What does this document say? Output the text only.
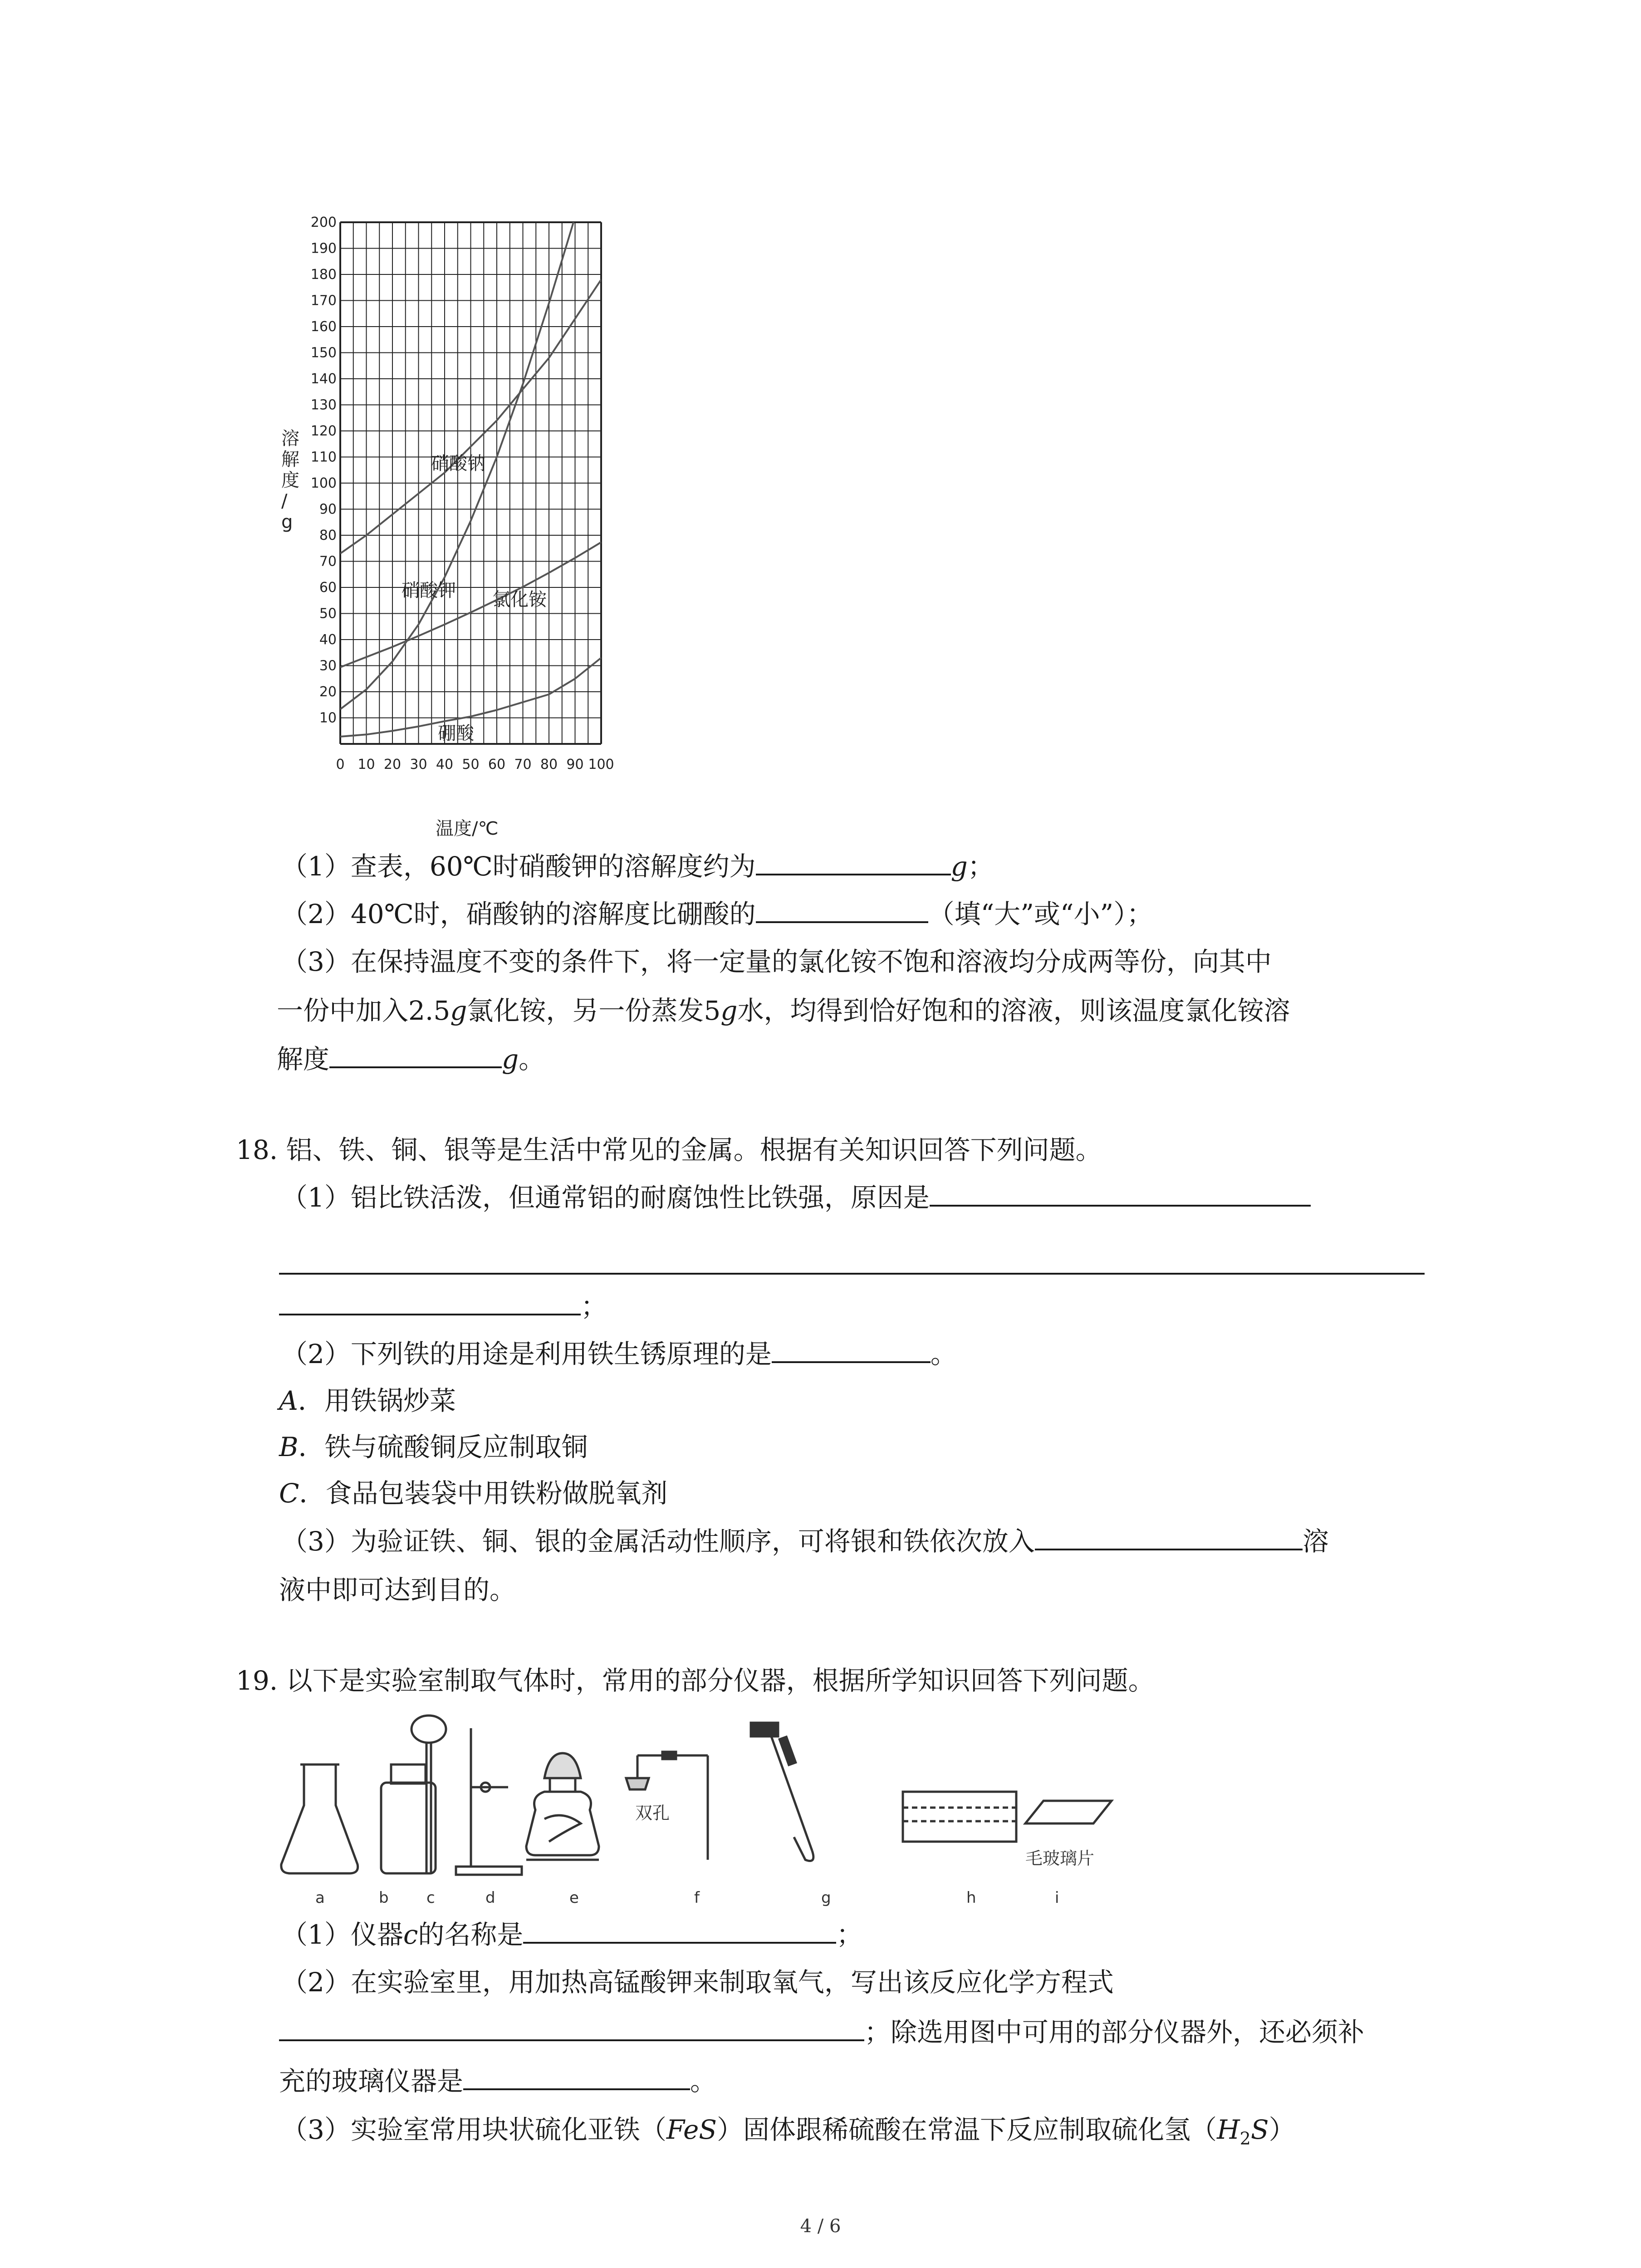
10
20
30
40
50
60
70
80
90
100
110
120
130
140
150
160
170
180
190
200
0 10 20 30 40 50 60 70 80 90 100
溶解度/ g
温度/℃
硝酸钠
硝酸钾 氯化铵
硼酸
（1）查表，60℃时硝酸钾的溶解度约为	g；
（2）40℃时，硝酸钠的溶解度比硼酸的	（填“大”或“小”）；
（3）在保持温度不变的条件下，将一定量的氯化铵不饱和溶液均分成两等份，向其中
一份中加入2.5g氯化铵，另一份蒸发5g水，均得到恰好饱和的溶液，则该温度氯化铵溶
解度	g。
18. 铝、铁、铜、银等是生活中常见的金属。根据有关知识回答下列问题。
（1）铝比铁活泼，但通常铝的耐腐蚀性比铁强，原因是
；
（2）下列铁的用途是利用铁生锈原理的是	。
A．用铁锅炒菜
B．铁与硫酸铜反应制取铜
C．食品包装袋中用铁粉做脱氧剂
（3）为验证铁、铜、银的金属活动性顺序，可将银和铁依次放入	溶
液中即可达到目的。
19. 以下是实验室制取气体时，常用的部分仪器，根据所学知识回答下列问题。
a	b c	d	e	f	g	h	i
双孔
毛玻璃片
（1）仪器c的名称是	；
（2）在实验室里，用加热高锰酸钾来制取氧气，写出该反应化学方程式
；除选用图中可用的部分仪器外，还必须补
充的玻璃仪器是	。
（3）实验室常用块状硫化亚铁（FeS）固体跟稀硫酸在常温下反应制取硫化氢$(H_2S)$
4 / 6
